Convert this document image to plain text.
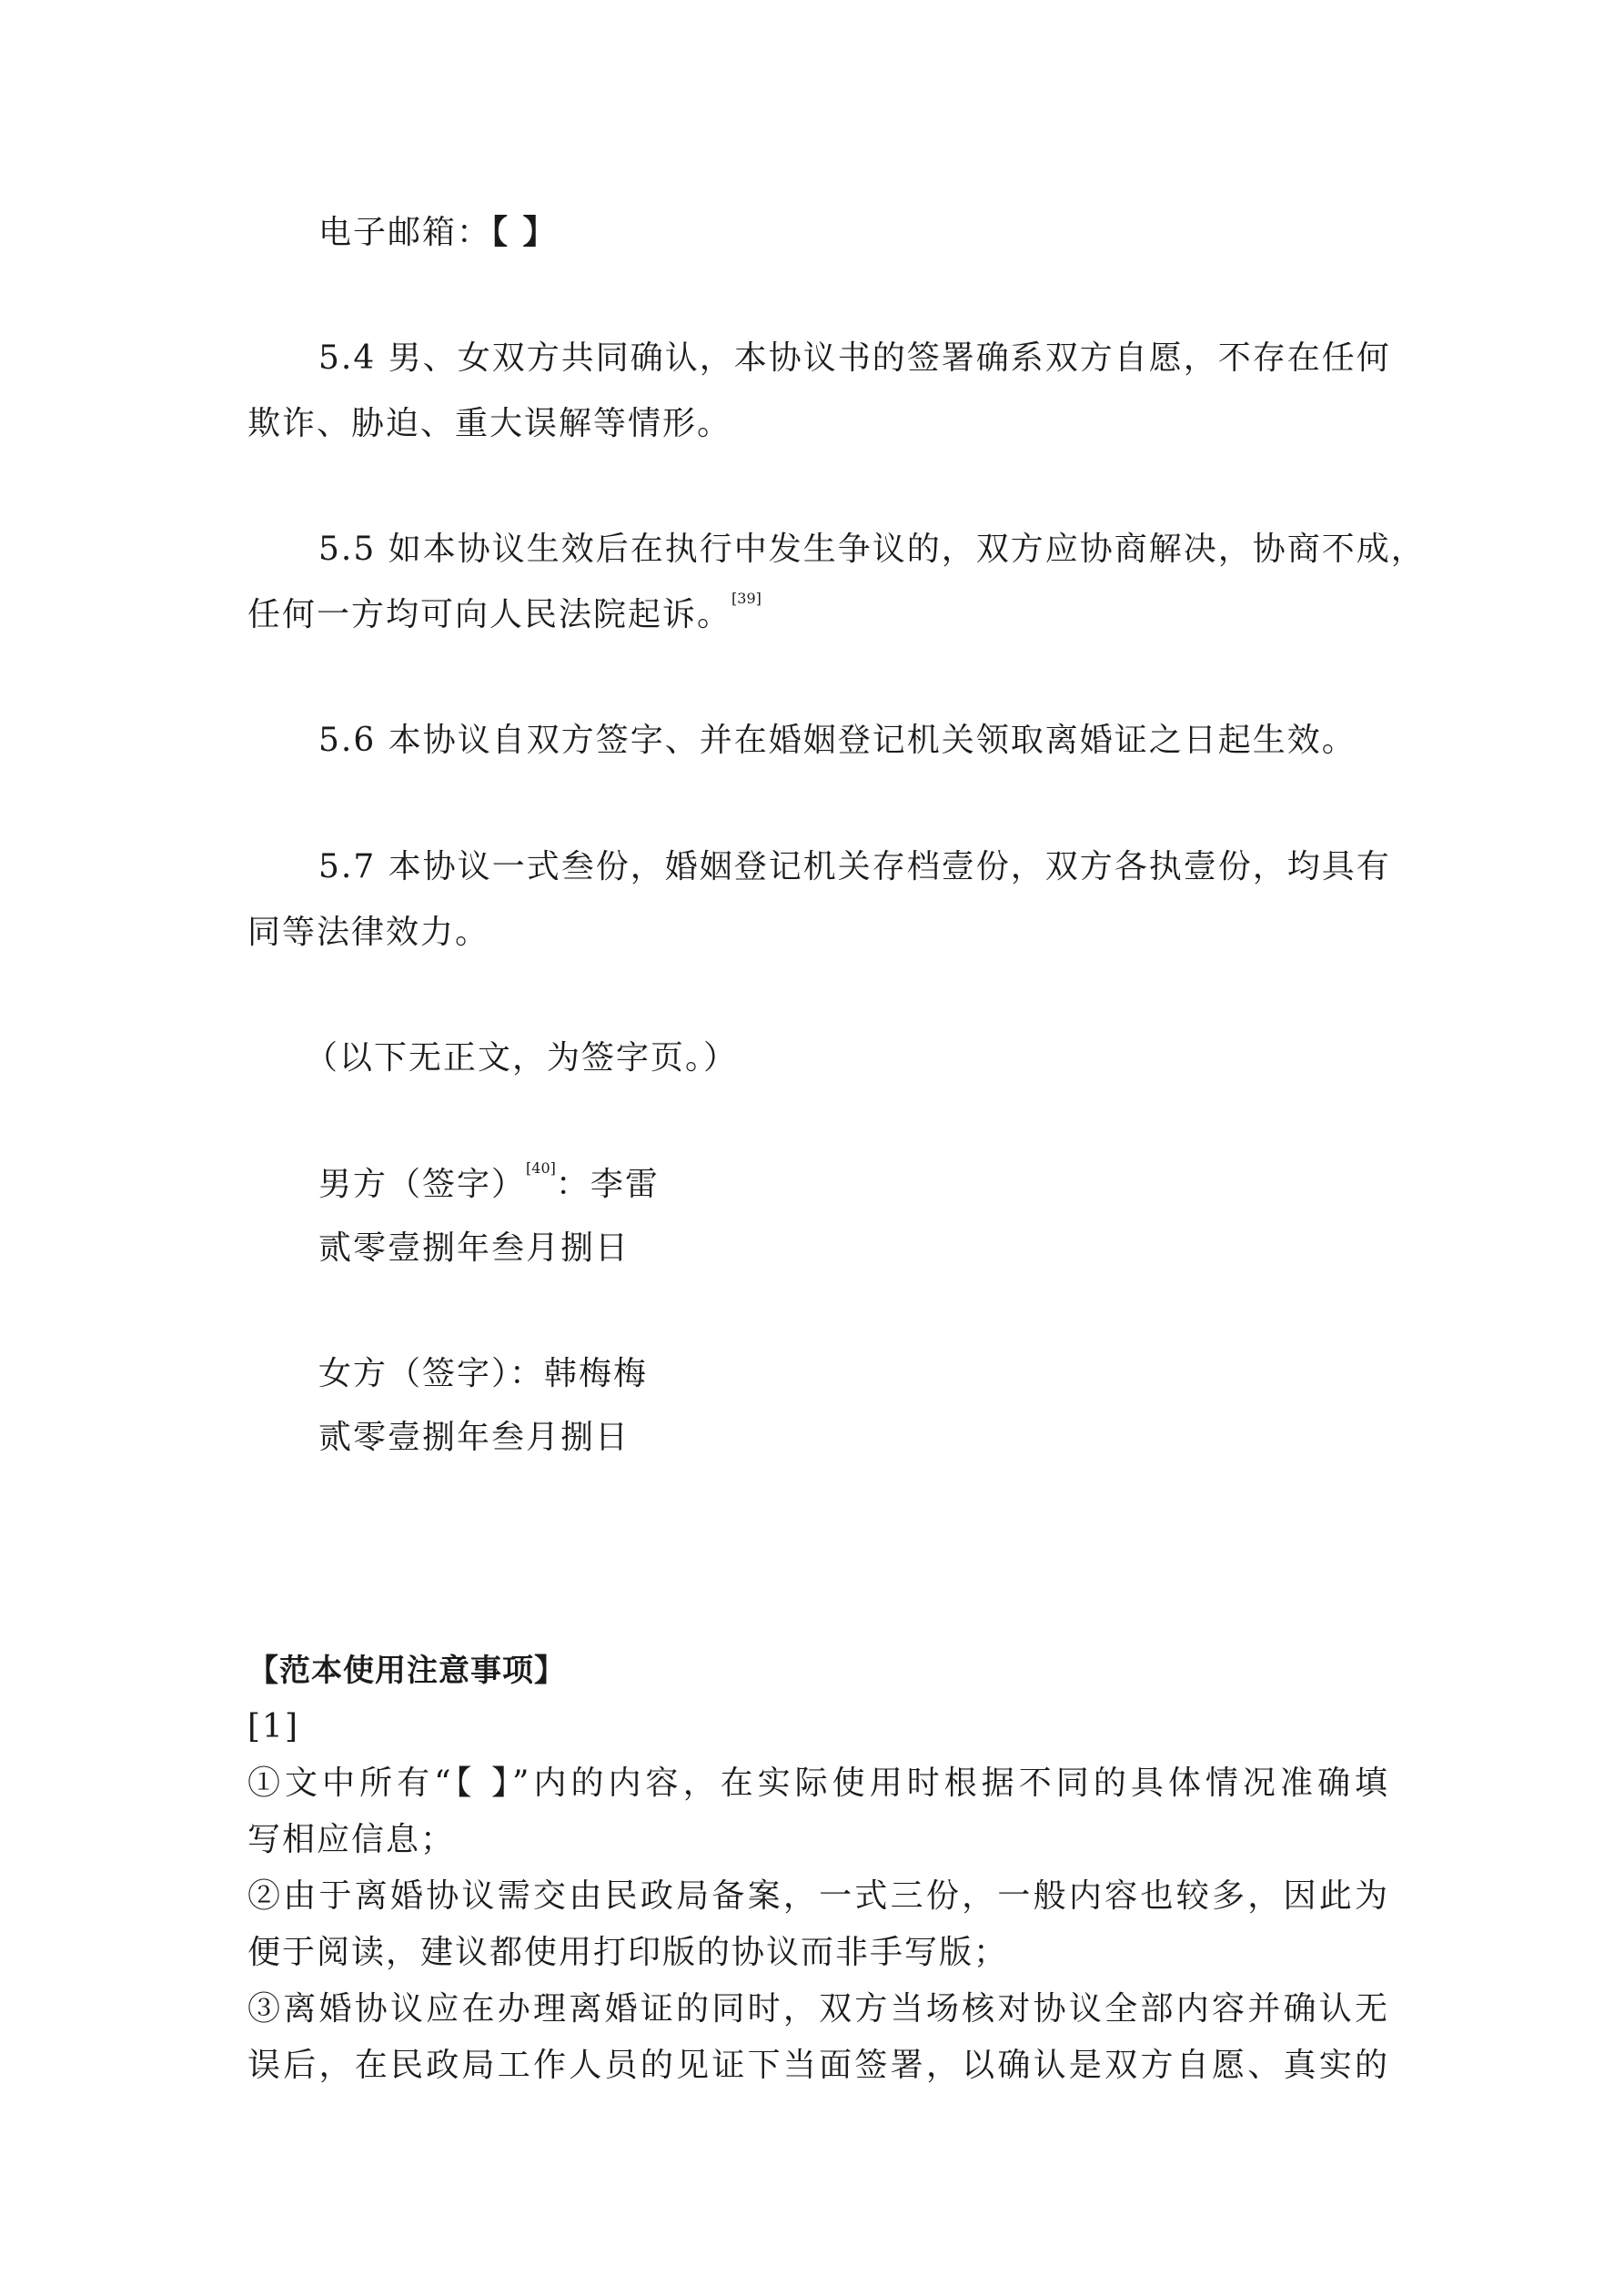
电子邮箱：【 】
5.4 男、女双方共同确认，本协议书的签署确系双方自愿，不存在任何
欺诈、胁迫、重大误解等情形。
5.5 如本协议生效后在执行中发生争议的，双方应协商解决，协商不成，
任何一方均可向人民法院起诉。[39]
5.6 本协议自双方签字、并在婚姻登记机关领取离婚证之日起生效。
5.7 本协议一式叁份，婚姻登记机关存档壹份，双方各执壹份，均具有
同等法律效力。
（以下无正文，为签字页。）
男方（签字）[40]：李雷
贰零壹捌年叁月捌日
女方（签字）：韩梅梅
贰零壹捌年叁月捌日
【范本使用注意事项】
[1]
①文中所有“【 】”内的内容，在实际使用时根据不同的具体情况准确填
写相应信息；
②由于离婚协议需交由民政局备案，一式三份，一般内容也较多，因此为
便于阅读，建议都使用打印版的协议而非手写版；
③离婚协议应在办理离婚证的同时，双方当场核对协议全部内容并确认无
误后，在民政局工作人员的见证下当面签署，以确认是双方自愿、真实的
